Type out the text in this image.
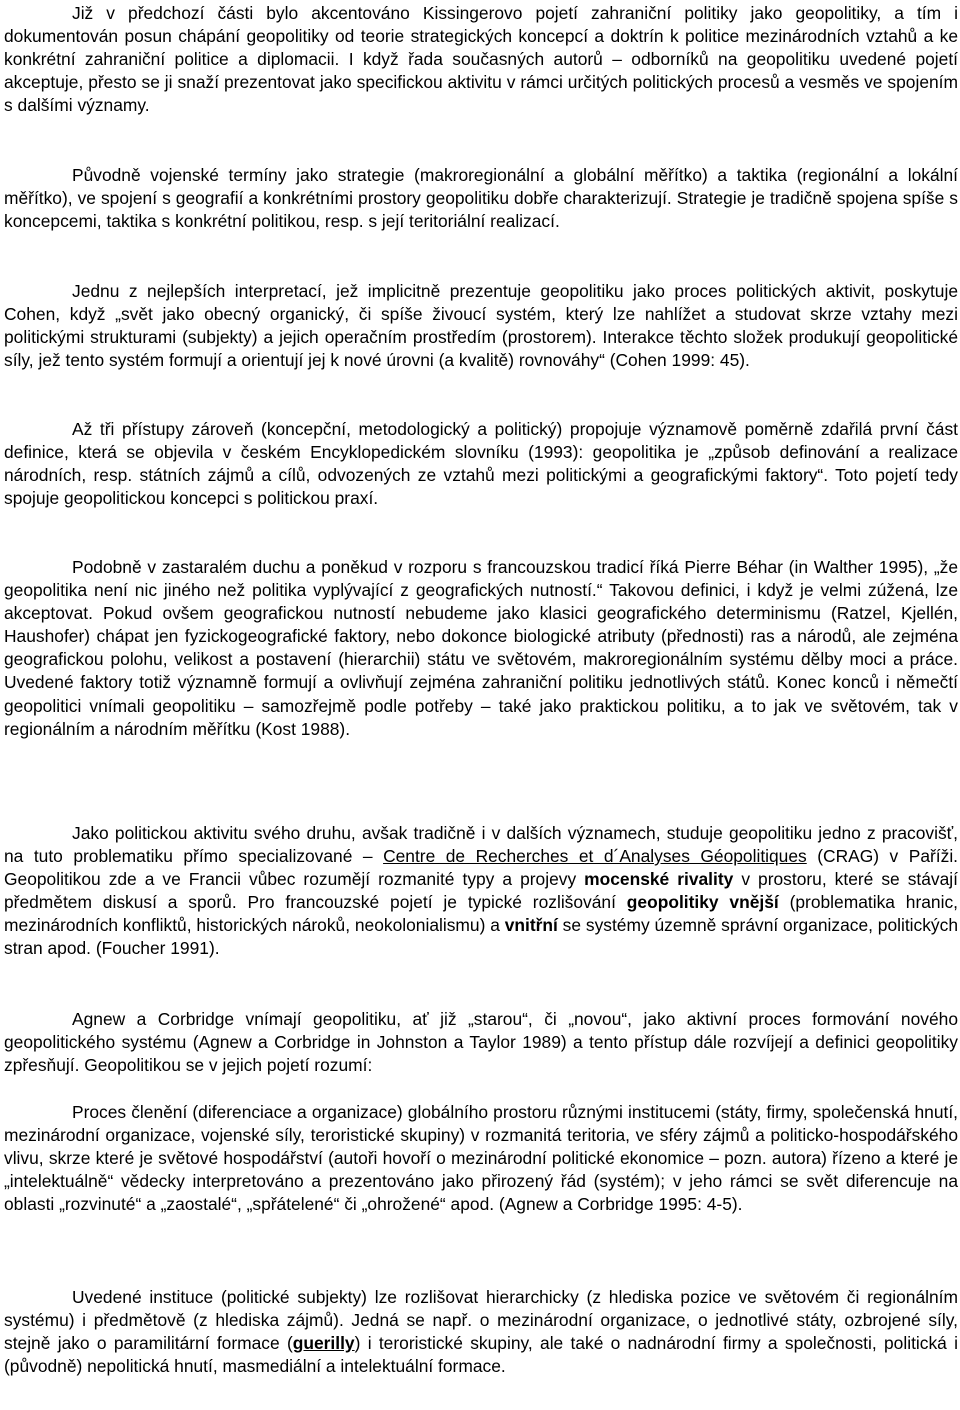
Již v předchozí části bylo akcentováno Kissingerovo pojetí zahraniční politiky jako geopolitiky, a tím i dokumentován posun chápání geopolitiky od teorie strategických koncepcí a doktrín k politice mezinárodních vztahů a ke konkrétní zahraniční politice a diplomacii. I když řada současných autorů – odborníků na geopolitiku uvedené pojetí akceptuje, přesto se ji snaží prezentovat jako specifickou aktivitu v rámci určitých politických procesů a vesměs ve spojením s dalšími významy.

Původně vojenské termíny jako strategie (makroregionální a globální měřítko) a taktika (regionální a lokální měřítko), ve spojení s geografií a konkrétními prostory geopolitiku dobře charakterizují. Strategie je tradičně spojena spíše s koncepcemi, taktika s konkrétní politikou, resp. s její teritoriální realizací.

Jednu z nejlepších interpretací, jež implicitně prezentuje geopolitiku jako proces politických aktivit, poskytuje Cohen, když „svět jako obecný organický, či spíše živoucí systém, který lze nahlížet a studovat skrze vztahy mezi politickými strukturami (subjekty) a jejich operačním prostředím (prostorem). Interakce těchto složek produkují geopolitické síly, jež tento systém formují a orientují jej k nové úrovni (a kvalitě) rovnováhy“ (Cohen 1999: 45).

Až tři přístupy zároveň (koncepční, metodologický a politický) propojuje významově poměrně zdařilá první část definice, která se objevila v českém Encyklopedickém slovníku (1993): geopolitika je „způsob definování a realizace národních, resp. státních zájmů a cílů, odvozených ze vztahů mezi politickými a geografickými faktory“. Toto pojetí tedy spojuje geopolitickou koncepci s politickou praxí.

Podobně v zastaralém duchu a poněkud v rozporu s francouzskou tradicí říká Pierre Béhar (in Walther 1995), „že geopolitika není nic jiného než politika vyplývající z geografických nutností.“ Takovou definici, i když je velmi zúžená, lze akceptovat. Pokud ovšem geografickou nutností nebudeme jako klasici geografického determinismu (Ratzel, Kjellén, Haushofer) chápat jen fyzickogeografické faktory, nebo dokonce biologické atributy (přednosti) ras a národů, ale zejména geografickou polohu, velikost a postavení (hierarchii) státu ve světovém, makroregionálním systému dělby moci a práce. Uvedené faktory totiž významně formují a ovlivňují zejména zahraniční politiku jednotlivých států. Konec konců i němečtí geopolitici vnímali geopolitiku – samozřejmě podle potřeby – také jako praktickou politiku, a to jak ve světovém, tak v regionálním a národním měřítku (Kost 1988).

Jako politickou aktivitu svého druhu, avšak tradičně i v dalších významech, studuje geopolitiku jedno z pracovišť, na tuto problematiku přímo specializované – Centre de Recherches et d´Analyses Géopolitiques (CRAG) v Paříži. Geopolitikou zde a ve Francii vůbec rozumějí rozmanité typy a projevy mocenské rivality v prostoru, které se stávají předmětem diskusí a sporů. Pro francouzské pojetí je typické rozlišování geopolitiky vnější (problematika hranic, mezinárodních konfliktů, historických nároků, neokolonialismu) a vnitřní se systémy územně správní organizace, politických stran apod. (Foucher 1991).

Agnew a Corbridge vnímají geopolitiku, ať již „starou“, či „novou“, jako aktivní proces formování nového geopolitického systému (Agnew a Corbridge in Johnston a Taylor 1989) a tento přístup dále rozvíjejí a definici geopolitiky zpřesňují. Geopolitikou se v jejich pojetí rozumí:

Proces členění (diferenciace a organizace) globálního prostoru různými institucemi (státy, firmy, společenská hnutí, mezinárodní organizace, vojenské síly, teroristické skupiny) v rozmanitá teritoria, ve sféry zájmů a politicko-hospodářského vlivu, skrze které je světové hospodářství (autoři hovoří o mezinárodní politické ekonomice – pozn. autora) řízeno a které je „intelektuálně“ vědecky interpretováno a prezentováno jako přirozený řád (systém); v jeho rámci se svět diferencuje na oblasti „rozvinuté“ a „zaostalé“, „spřátelené“ či „ohrožené“ apod. (Agnew a Corbridge 1995: 4-5).

Uvedené instituce (politické subjekty) lze rozlišovat hierarchicky (z hlediska pozice ve světovém či regionálním systému) i předmětově (z hlediska zájmů). Jedná se např. o mezinárodní organizace, o jednotlivé státy, ozbrojené síly, stejně jako o paramilitární formace (guerilly) i teroristické skupiny, ale také o nadnárodní firmy a společnosti, politická i (původně) nepolitická hnutí, masmediální a intelektuální formace.
